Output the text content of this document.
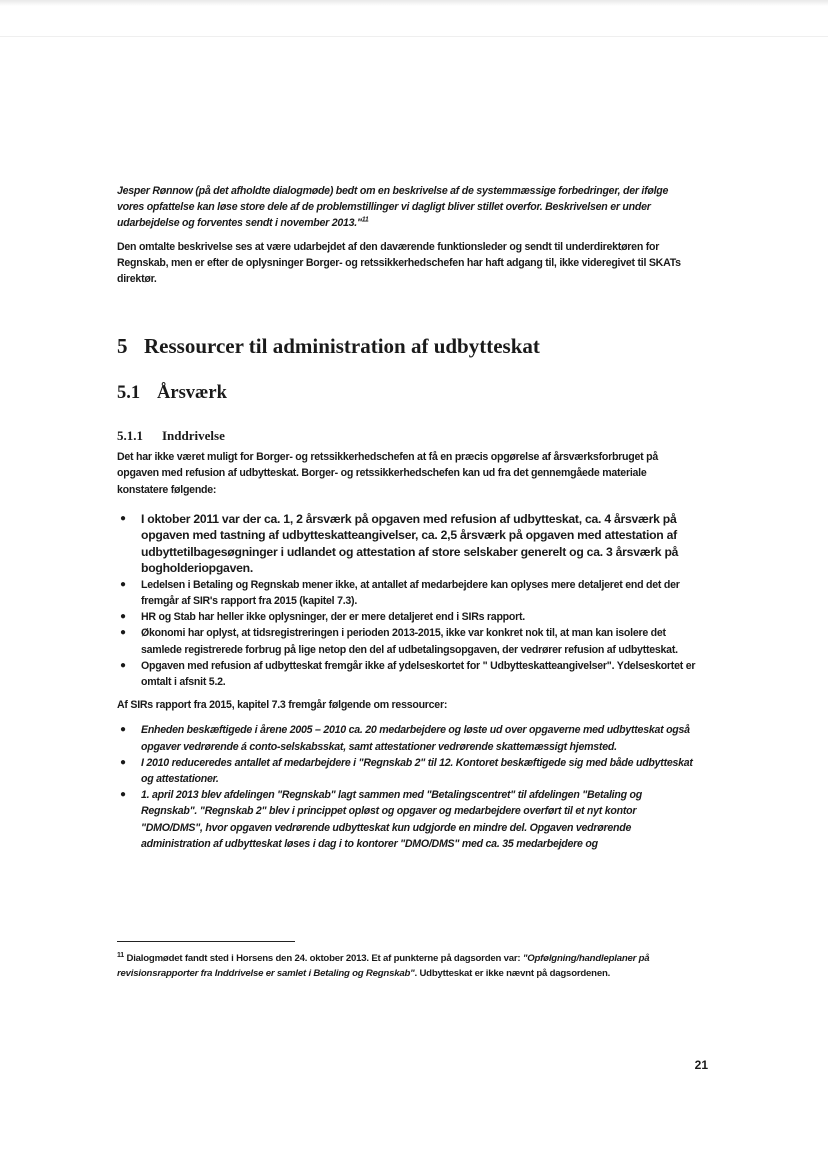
Jesper Rønnow (på det afholdte dialogmøde) bedt om en beskrivelse af de systemmæssige forbedringer, der ifølge vores opfattelse kan løse store dele af de problemstillinger vi dagligt bliver stillet overfor. Beskrivelsen er under udarbejdelse og forventes sendt i november 2013."$^{11}$

Den omtalte beskrivelse ses at være udarbejdet af den daværende funktionsleder og sendt til underdirektøren for Regnskab, men er efter de oplysninger Borger- og retssikkerhedschefen har haft adgang til, ikke videregivet til SKATs direktør.

5 Ressourcer til administration af udbytteskat
5.1 Årsværk
5.1.1	Inddrivelse

Det har ikke været muligt for Borger- og retssikkerhedschefen at få en præcis opgørelse af årsværksforbruget på opgaven med refusion af udbytteskat. Borger- og retssikkerhedschefen kan ud fra det gennemgåede materiale konstatere følgende:

● I oktober 2011 var der ca. 1, 2 årsværk på opgaven med refusion af udbytteskat, ca. 4 årsværk på opgaven med tastning af udbytteskatteangivelser, ca. 2,5 årsværk på opgaven med attestation af udbyttetilbagesøgninger i udlandet og attestation af store selskaber generelt og ca. 3 årsværk på bogholderiopgaven.
● Ledelsen i Betaling og Regnskab mener ikke, at antallet af medarbejdere kan oplyses mere detaljeret end det der fremgår af SIR's rapport fra 2015 (kapitel 7.3).
● HR og Stab har heller ikke oplysninger, der er mere detaljeret end i SIRs rapport.
● Økonomi har oplyst, at tidsregistreringen i perioden 2013-2015, ikke var konkret nok til, at man kan isolere det samlede registrerede forbrug på lige netop den del af udbetalingsopgaven, der vedrører refusion af udbytteskat.
● Opgaven med refusion af udbytteskat fremgår ikke af ydelseskortet for " Udbytteskatteangivelser". Ydelseskortet er omtalt i afsnit 5.2.

Af SIRs rapport fra 2015, kapitel 7.3 fremgår følgende om ressourcer:

● Enheden beskæftigede i årene 2005 – 2010 ca. 20 medarbejdere og løste ud over opgaverne med udbytteskat også opgaver vedrørende á conto-selskabsskat, samt attestationer vedrørende skattemæssigt hjemsted.
● I 2010 reduceredes antallet af medarbejdere i "Regnskab 2" til 12. Kontoret beskæftigede sig med både udbytteskat og attestationer.
● 1. april 2013 blev afdelingen "Regnskab" lagt sammen med "Betalingscentret" til afdelingen "Betaling og Regnskab". "Regnskab 2" blev i princippet opløst og opgaver og medarbejdere overført til et nyt kontor "DMO/DMS", hvor opgaven vedrørende udbytteskat kun udgjorde en mindre del. Opgaven vedrørende administration af udbytteskat løses i dag i to kontorer "DMO/DMS" med ca. 35 medarbejdere og
$^{11}$ Dialogmødet fandt sted i Horsens den 24. oktober 2013. Et af punkterne på dagsorden var: "Opfølgning/handleplaner på revisionsrapporter fra Inddrivelse er samlet i Betaling og Regnskab". Udbytteskat er ikke nævnt på dagsordenen.
21
